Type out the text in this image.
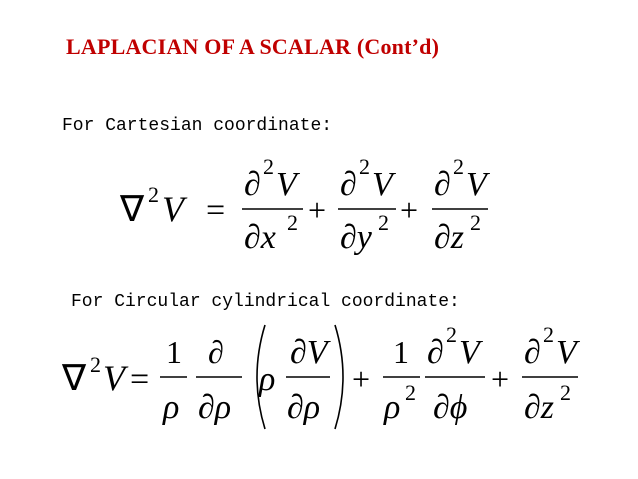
LAPLACIAN OF A SCALAR (Cont’d)
For Cartesian coordinate:
∇ 2 V =
∂ 2 V
∂x 2 +
∂ 2 V
∂y 2 +
∂ 2 V
∂z 2
For Circular cylindrical coordinate:
∇ 2 V =
1
ρ
∂
∂ρ
ρ
∂V
∂ρ
+
1
ρ 2
∂ 2 V
∂ϕ
+
∂ 2 V
∂z 2
